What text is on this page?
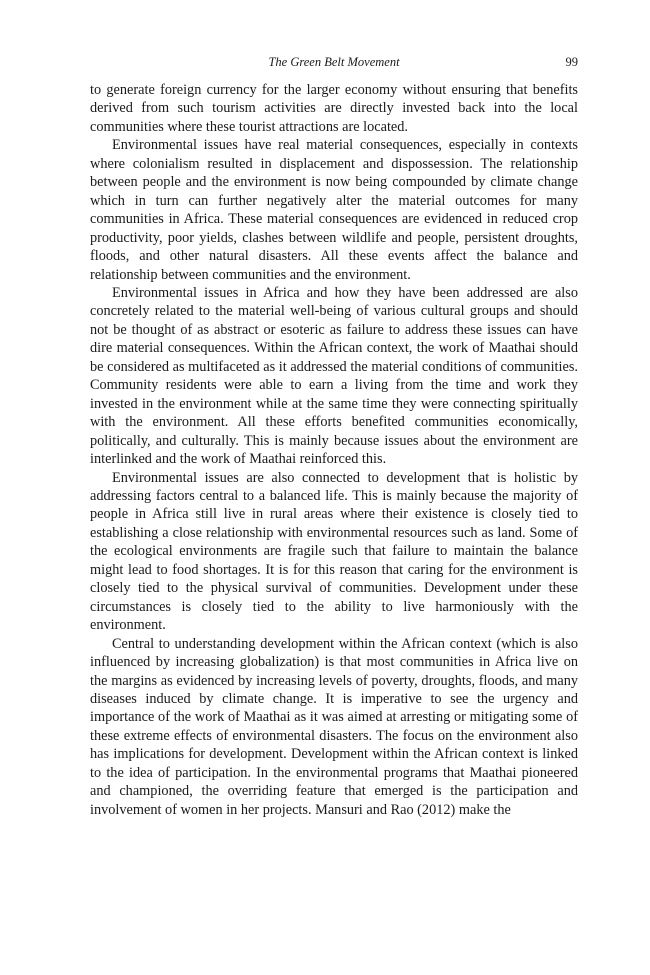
The Green Belt Movement	99

to generate foreign currency for the larger economy without ensuring that benefits derived from such tourism activities are directly invested back into the local communities where these tourist attractions are located.

Environmental issues have real material consequences, especially in contexts where colonialism resulted in displacement and dispossession. The relationship between people and the environment is now being compounded by climate change which in turn can further negatively alter the material outcomes for many communities in Africa. These material consequences are evidenced in reduced crop productivity, poor yields, clashes between wildlife and people, persistent droughts, floods, and other natural disasters. All these events affect the balance and relationship between communities and the environment.

Environmental issues in Africa and how they have been addressed are also concretely related to the material well-being of various cultural groups and should not be thought of as abstract or esoteric as failure to address these issues can have dire material consequences. Within the African context, the work of Maathai should be considered as multifaceted as it addressed the material conditions of communities. Community residents were able to earn a living from the time and work they invested in the environment while at the same time they were connecting spiritually with the environment. All these efforts benefited communities economically, politically, and culturally. This is mainly because issues about the environment are interlinked and the work of Maathai reinforced this.

Environmental issues are also connected to development that is holistic by addressing factors central to a balanced life. This is mainly because the majority of people in Africa still live in rural areas where their existence is closely tied to establishing a close relationship with environmental resources such as land. Some of the ecological environments are fragile such that failure to maintain the balance might lead to food shortages. It is for this reason that caring for the environment is closely tied to the physical survival of communities. Development under these circumstances is closely tied to the ability to live harmoniously with the environment.

Central to understanding development within the African context (which is also influenced by increasing globalization) is that most communities in Africa live on the margins as evidenced by increasing levels of poverty, droughts, floods, and many diseases induced by climate change. It is imperative to see the urgency and importance of the work of Maathai as it was aimed at arresting or mitigating some of these extreme effects of environmental disasters. The focus on the environment also has implications for development. Development within the African context is linked to the idea of participation. In the environmental programs that Maathai pioneered and championed, the overriding feature that emerged is the participation and involvement of women in her projects. Mansuri and Rao (2012) make the
